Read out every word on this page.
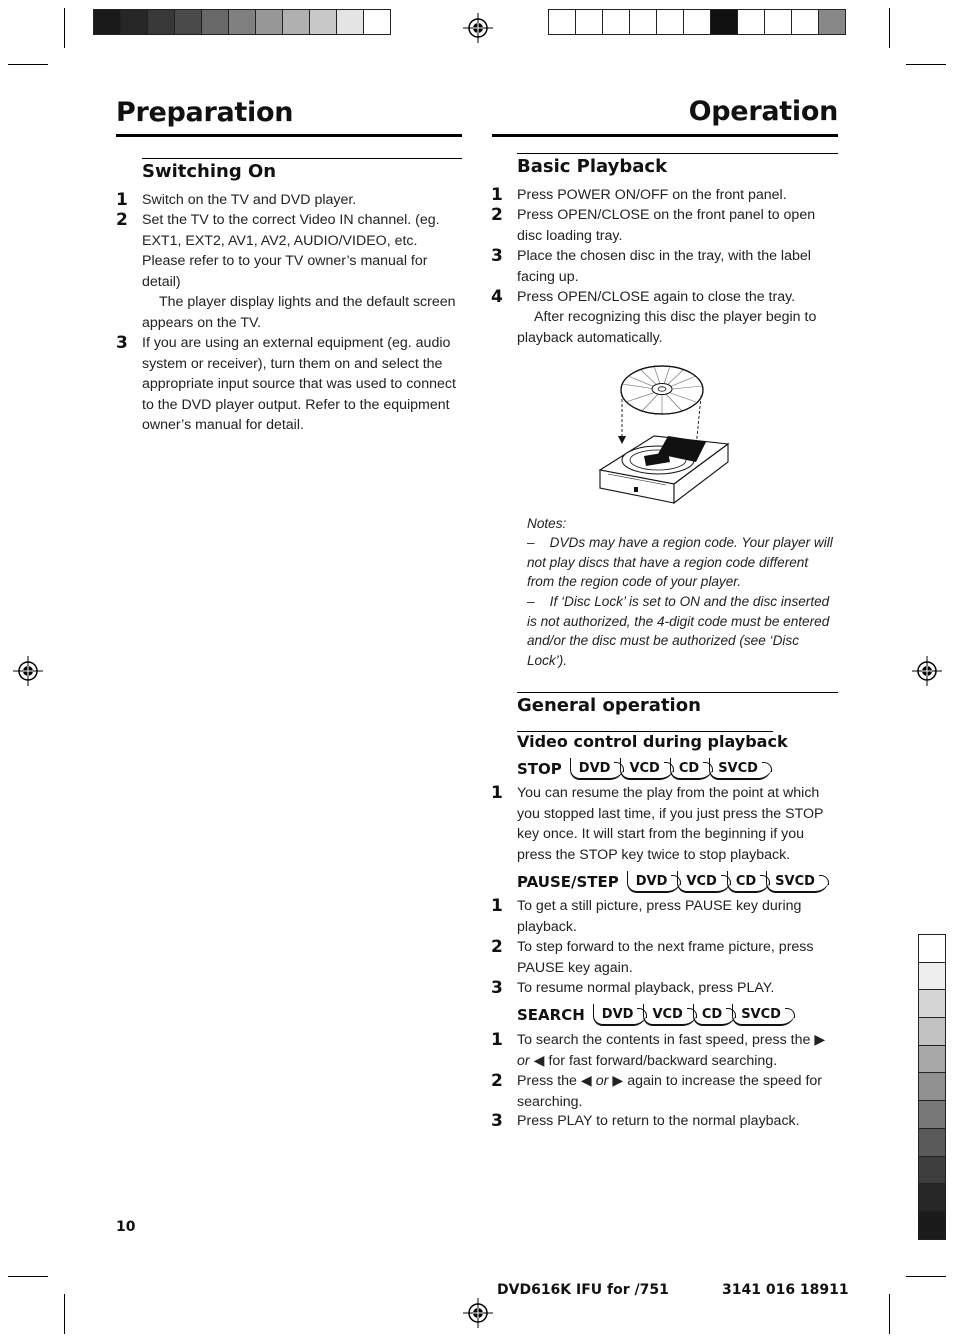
Preparation	Operation
Switching On
1 Switch on the TV and DVD player.
2 Set the TV to the correct Video IN channel. (eg. EXT1, EXT2, AV1, AV2, AUDIO/VIDEO, etc. Please refer to to your TV owner’s manual for detail)
The player display lights and the default screen appears on the TV.
3 If you are using an external equipment (eg. audio system or receiver), turn them on and select the appropriate input source that was used to connect to the DVD player output. Refer to the equipment owner’s manual for detail.
Basic Playback
1 Press POWER ON/OFF on the front panel.
2 Press OPEN/CLOSE on the front panel to open disc loading tray.
3 Place the chosen disc in the tray, with the label facing up.
4 Press OPEN/CLOSE again to close the tray.
After recognizing this disc the player begin to playback automatically.
Notes:
–    DVDs may have a region code. Your player will not play discs that have a region code different from the region code of your player.
–    If ‘Disc Lock’ is set to ON and the disc inserted is not authorized, the 4-digit code must be entered and/or the disc must be authorized (see ‘Disc Lock’).
General operation
Video control during playback
STOP	DVD	VCD	CD	SVCD
1 You can resume the play from the point at which you stopped last time, if you just press the STOP key once. It will start from the beginning if you press the STOP key twice to stop playback.
PAUSE/STEP	DVD	VCD	CD	SVCD
1 To get a still picture, press PAUSE key during playback.
2 To step forward to the next frame picture, press PAUSE key again.
3 To resume normal playback, press PLAY.
SEARCH	DVD	VCD	CD	SVCD
1 To search the contents in fast speed, press the ▶ or ◀ for fast forward/backward searching.
2 Press the ◀ or ▶ again to increase the speed for searching.
3 Press PLAY to return to the normal playback.
10
DVD616K IFU for /751	3141 016 18911
